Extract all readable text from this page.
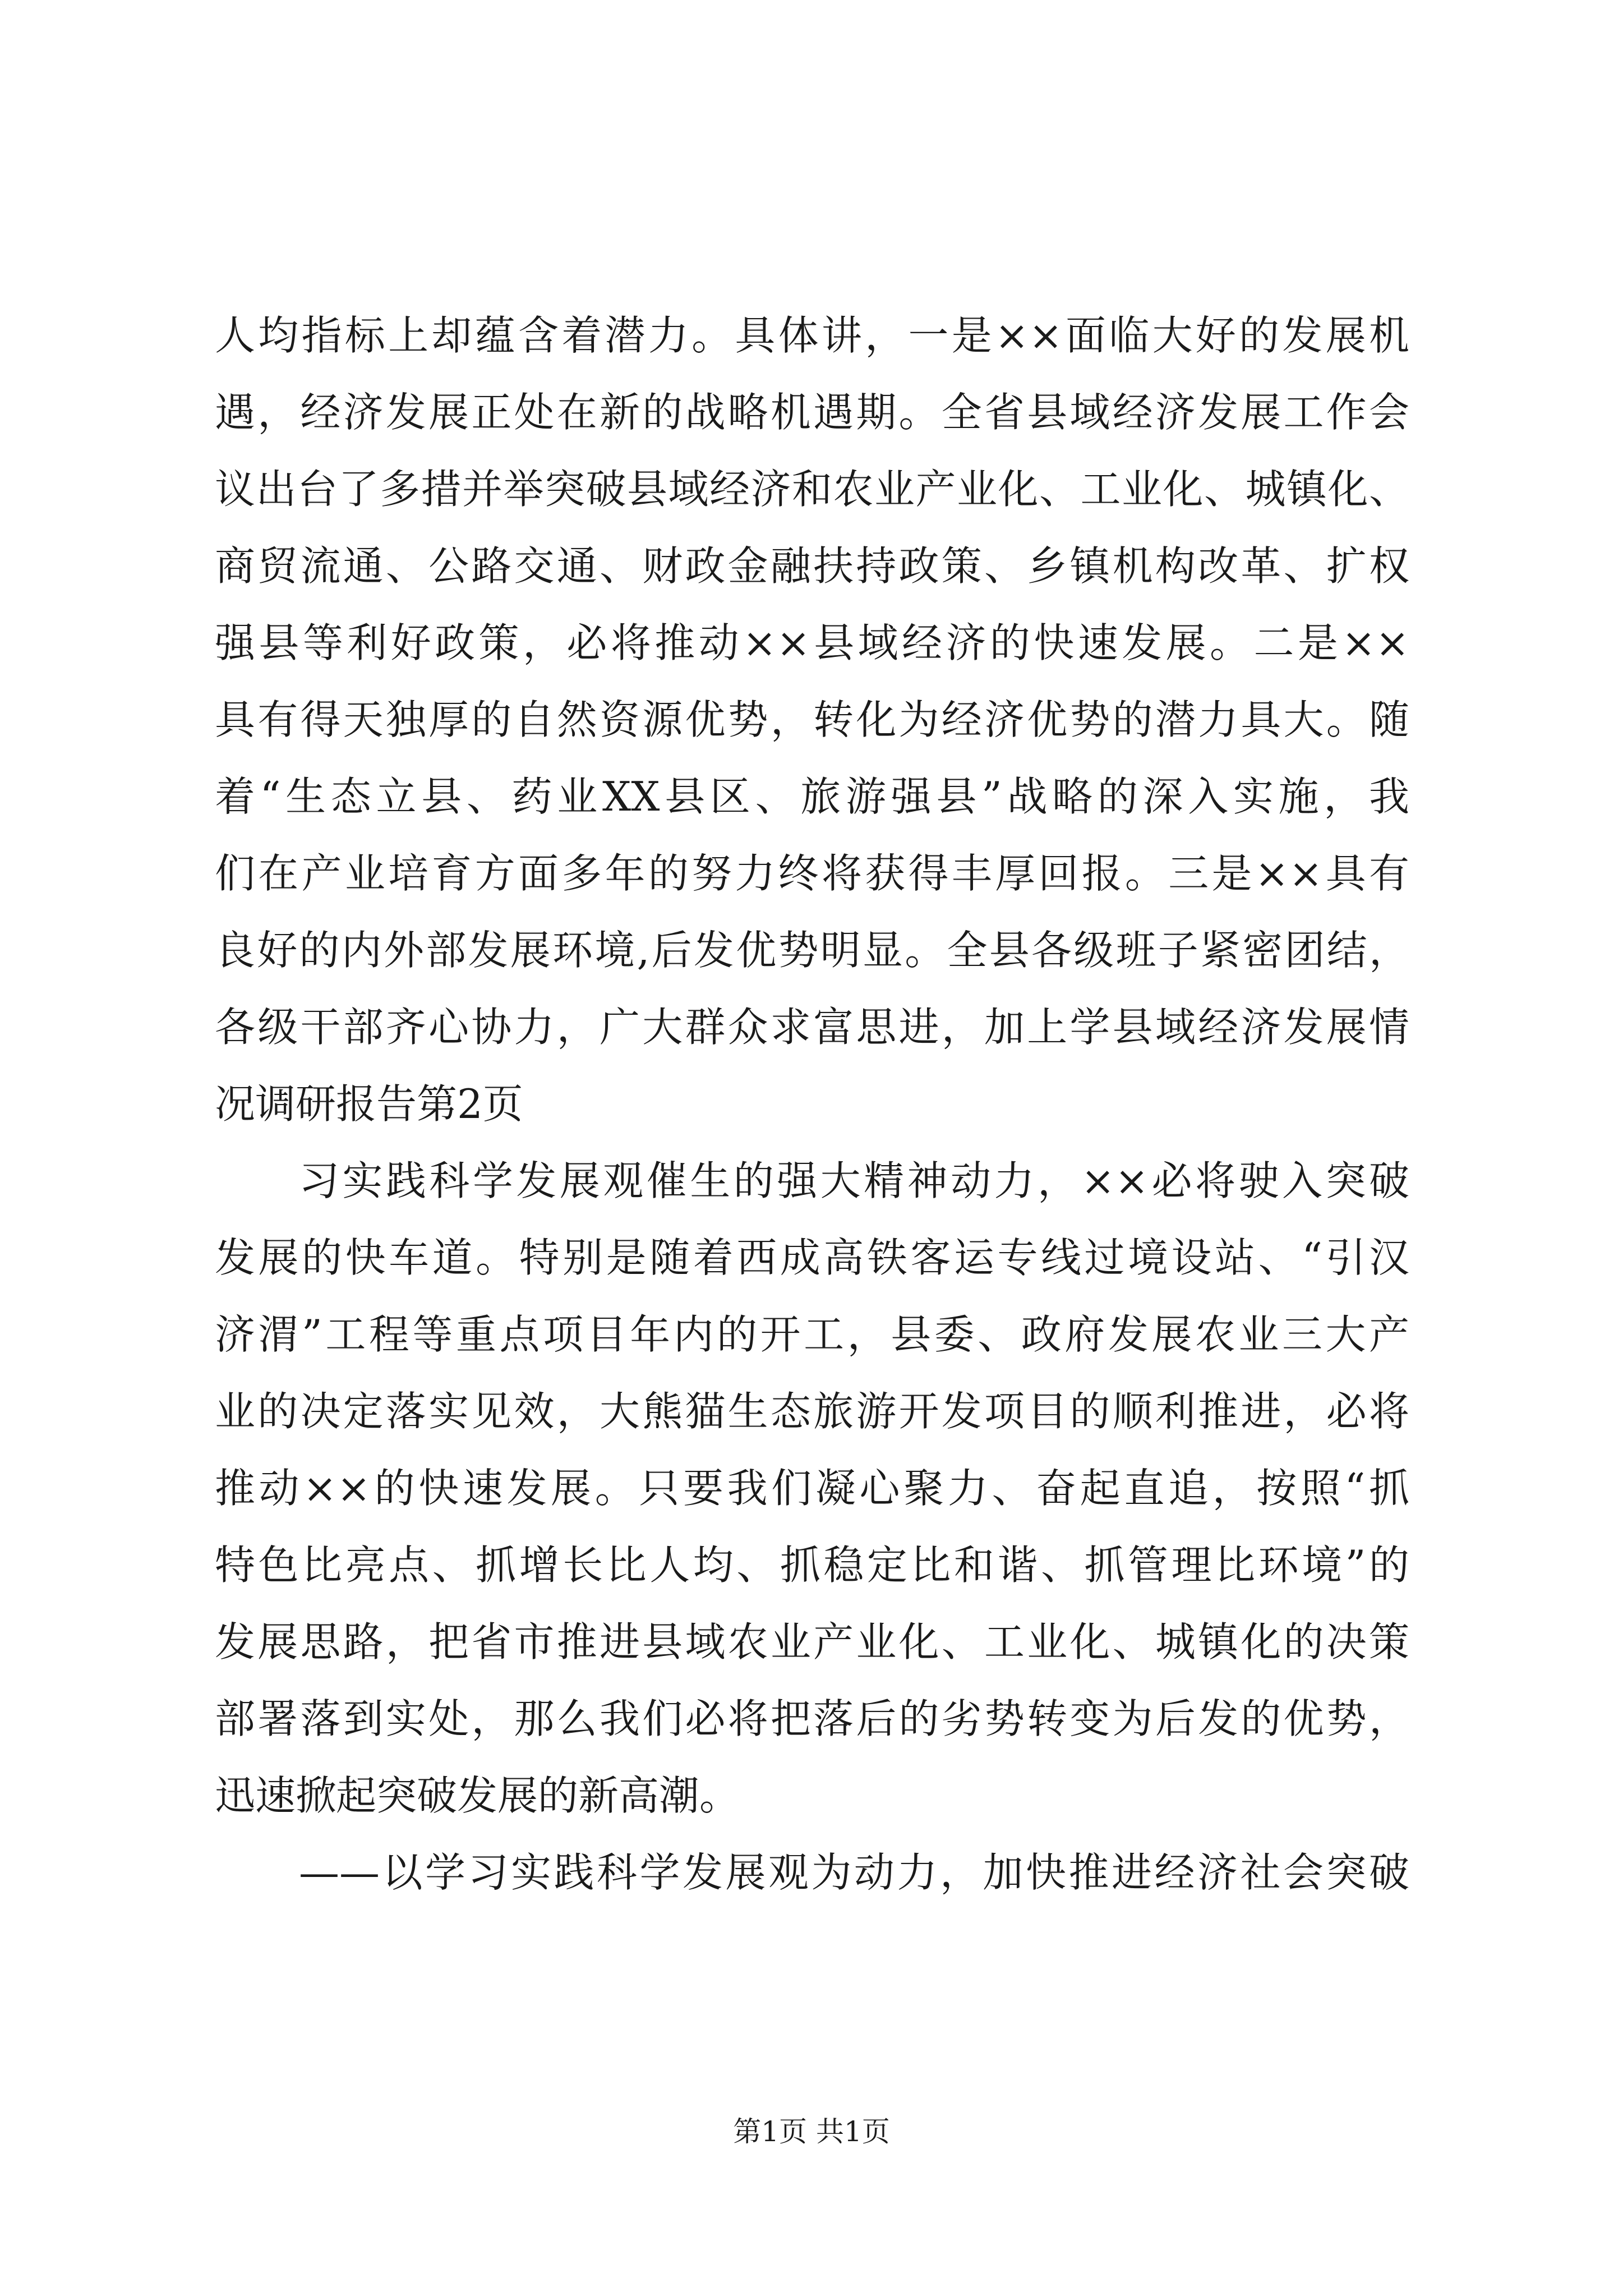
人均指标上却蕴含着潜力。具体讲，一是××面临大好的发展机
遇，经济发展正处在新的战略机遇期。全省县域经济发展工作会
议出台了多措并举突破县域经济和农业产业化、工业化、城镇化、
商贸流通、公路交通、财政金融扶持政策、乡镇机构改革、扩权
强县等利好政策，必将推动××县域经济的快速发展。二是××
具有得天独厚的自然资源优势，转化为经济优势的潜力具大。随
着“生态立县、药业XX县区、旅游强县”战略的深入实施，我
们在产业培育方面多年的努力终将获得丰厚回报。三是××具有
良好的内外部发展环境,后发优势明显。全县各级班子紧密团结，
各级干部齐心协力，广大群众求富思进，加上学县域经济发展情
况调研报告第2页
习实践科学发展观催生的强大精神动力，××必将驶入突破
发展的快车道。特别是随着西成高铁客运专线过境设站、“引汉
济渭”工程等重点项目年内的开工，县委、政府发展农业三大产
业的决定落实见效，大熊猫生态旅游开发项目的顺利推进，必将
推动××的快速发展。只要我们凝心聚力、奋起直追，按照“抓
特色比亮点、抓增长比人均、抓稳定比和谐、抓管理比环境”的
发展思路，把省市推进县域农业产业化、工业化、城镇化的决策
部署落到实处，那么我们必将把落后的劣势转变为后发的优势，
迅速掀起突破发展的新高潮。
——以学习实践科学发展观为动力，加快推进经济社会突破
第1页 共1页
